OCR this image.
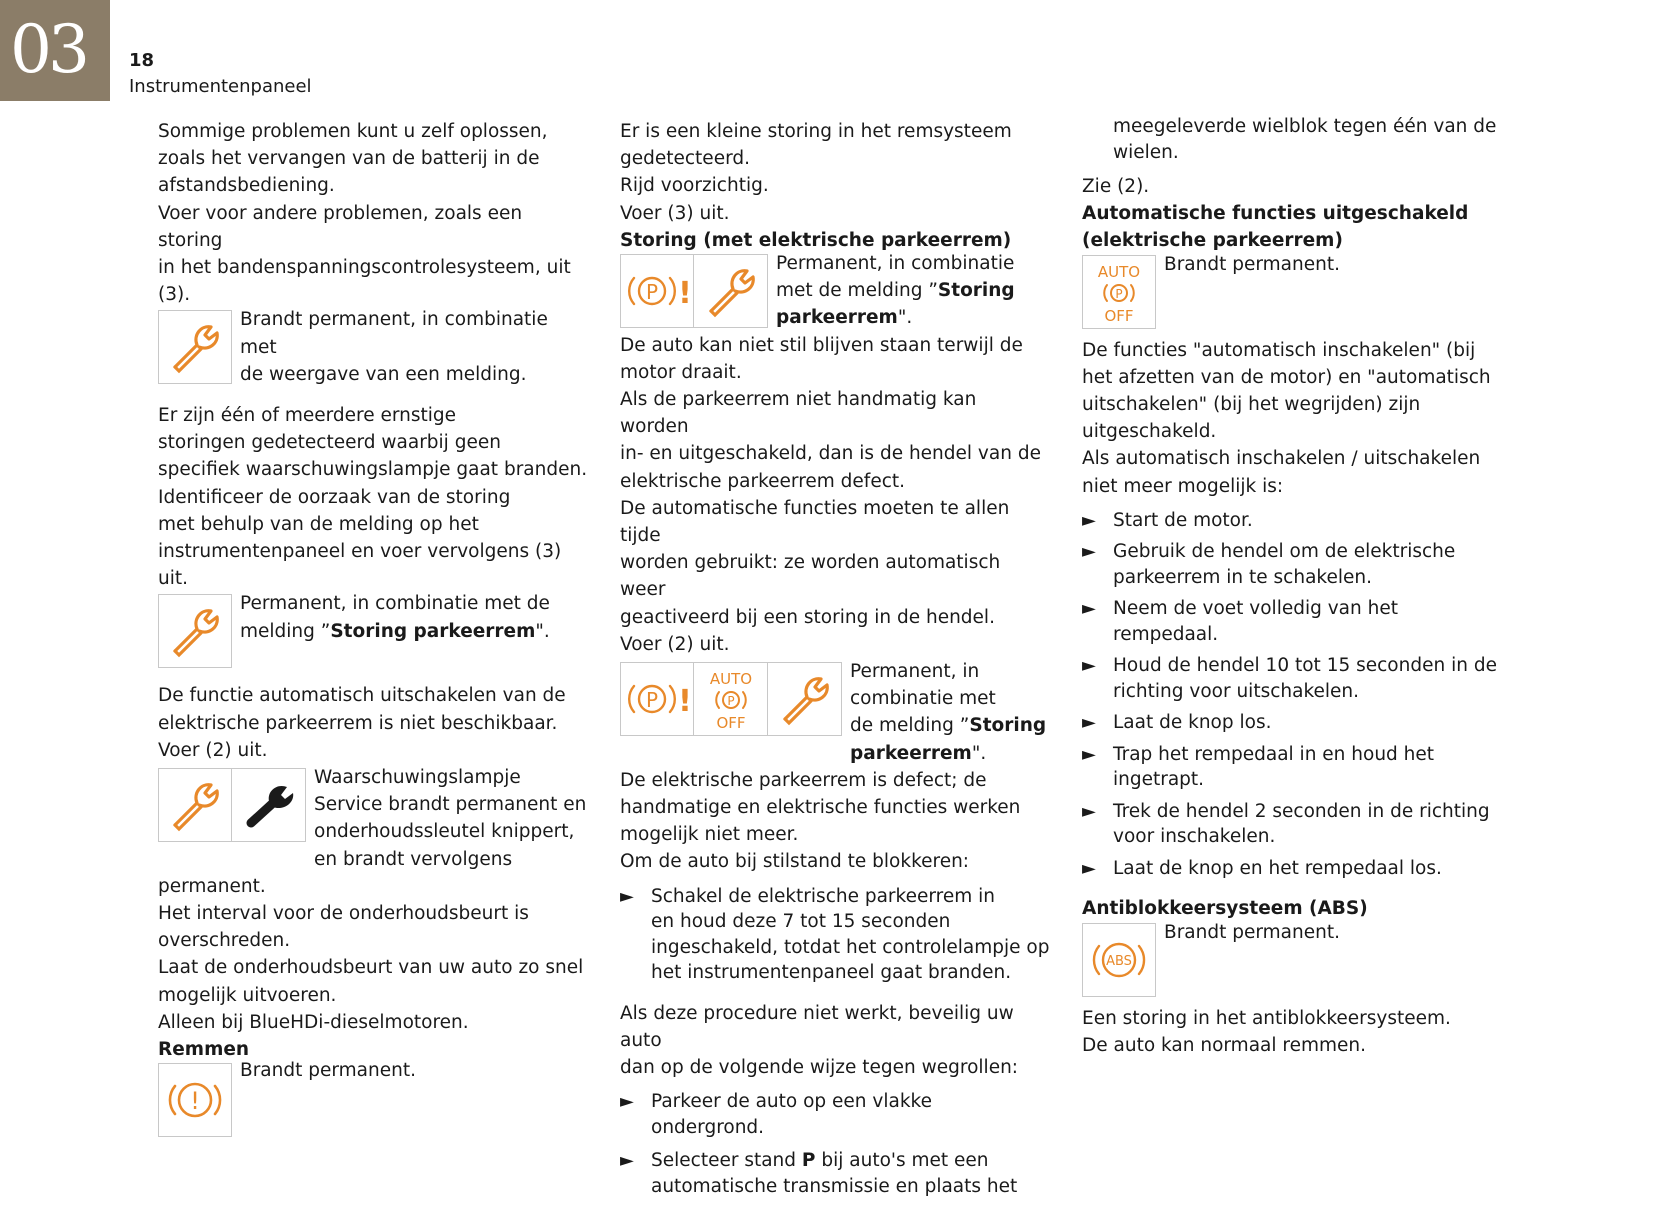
03 18
Instrumentenpaneel

Sommige problemen kunt u zelf oplossen,

zoals het vervangen van de batterij in de

afstandsbediening.

Voer voor andere problemen, zoals een storing

in het bandenspanningscontrolesysteem, uit

(3).

Brandt permanent, in combinatie met

de weergave van een melding.

Er zijn één of meerdere ernstige

storingen gedetecteerd waarbij geen

specifiek waarschuwingslampje gaat branden.

Identificeer de oorzaak van de storing

met behulp van de melding op het

instrumentenpaneel en voer vervolgens (3) uit.

Permanent, in combinatie met de

melding ”Storing parkeerrem".

De functie automatisch uitschakelen van de

elektrische parkeerrem is niet beschikbaar.

Voer (2) uit.

Waarschuwingslampje

Service brandt permanent en

onderhoudssleutel knippert,

en brandt vervolgens

permanent.

Het interval voor de onderhoudsbeurt is

overschreden.

Laat de onderhoudsbeurt van uw auto zo snel

mogelijk uitvoeren.

Alleen bij BlueHDi-dieselmotoren.

Remmen

!

Brandt permanent.

Er is een kleine storing in het remsysteem

gedetecteerd.

Rijd voorzichtig.

Voer (3) uit.

Storing (met elektrische parkeerrem)

P !

Permanent, in combinatie

met de melding ”Storing

parkeerrem".

De auto kan niet stil blijven staan terwijl de

motor draait.

Als de parkeerrem niet handmatig kan worden

in- en uitgeschakeld, dan is de hendel van de

elektrische parkeerrem defect.

De automatische functies moeten te allen tijde

worden gebruikt: ze worden automatisch weer

geactiveerd bij een storing in de hendel.

Voer (2) uit.

P !
AUTO
P
OFF

Permanent, in

combinatie met

de melding ”Storing

parkeerrem".

De elektrische parkeerrem is defect; de

handmatige en elektrische functies werken

mogelijk niet meer.

Om de auto bij stilstand te blokkeren:

► Schakel de elektrische parkeerrem in

en houd deze 7 tot 15 seconden

ingeschakeld, totdat het controlelampje op

het instrumentenpaneel gaat branden.

Als deze procedure niet werkt, beveilig uw auto

dan op de volgende wijze tegen wegrollen:

► Parkeer de auto op een vlakke ondergrond.

► Selecteer stand P bij auto's met een

automatische transmissie en plaats het

meegeleverde wielblok tegen één van de

wielen.

Zie (2).

Automatische functies uitgeschakeld

(elektrische parkeerrem)

AUTO
P
OFF

Brandt permanent.

De functies "automatisch inschakelen" (bij

het afzetten van de motor) en "automatisch

uitschakelen" (bij het wegrijden) zijn

uitgeschakeld.

Als automatisch inschakelen / uitschakelen

niet meer mogelijk is:

► Start de motor.

► Gebruik de hendel om de elektrische

parkeerrem in te schakelen.

► Neem de voet volledig van het rempedaal.

► Houd de hendel 10 tot 15 seconden in de

richting voor uitschakelen.

► Laat de knop los.

► Trap het rempedaal in en houd het

ingetrapt.

► Trek de hendel 2 seconden in de richting

voor inschakelen.

► Laat de knop en het rempedaal los.

Antiblokkeersysteem (ABS)

ABS

Brandt permanent.

Een storing in het antiblokkeersysteem.

De auto kan normaal remmen.
